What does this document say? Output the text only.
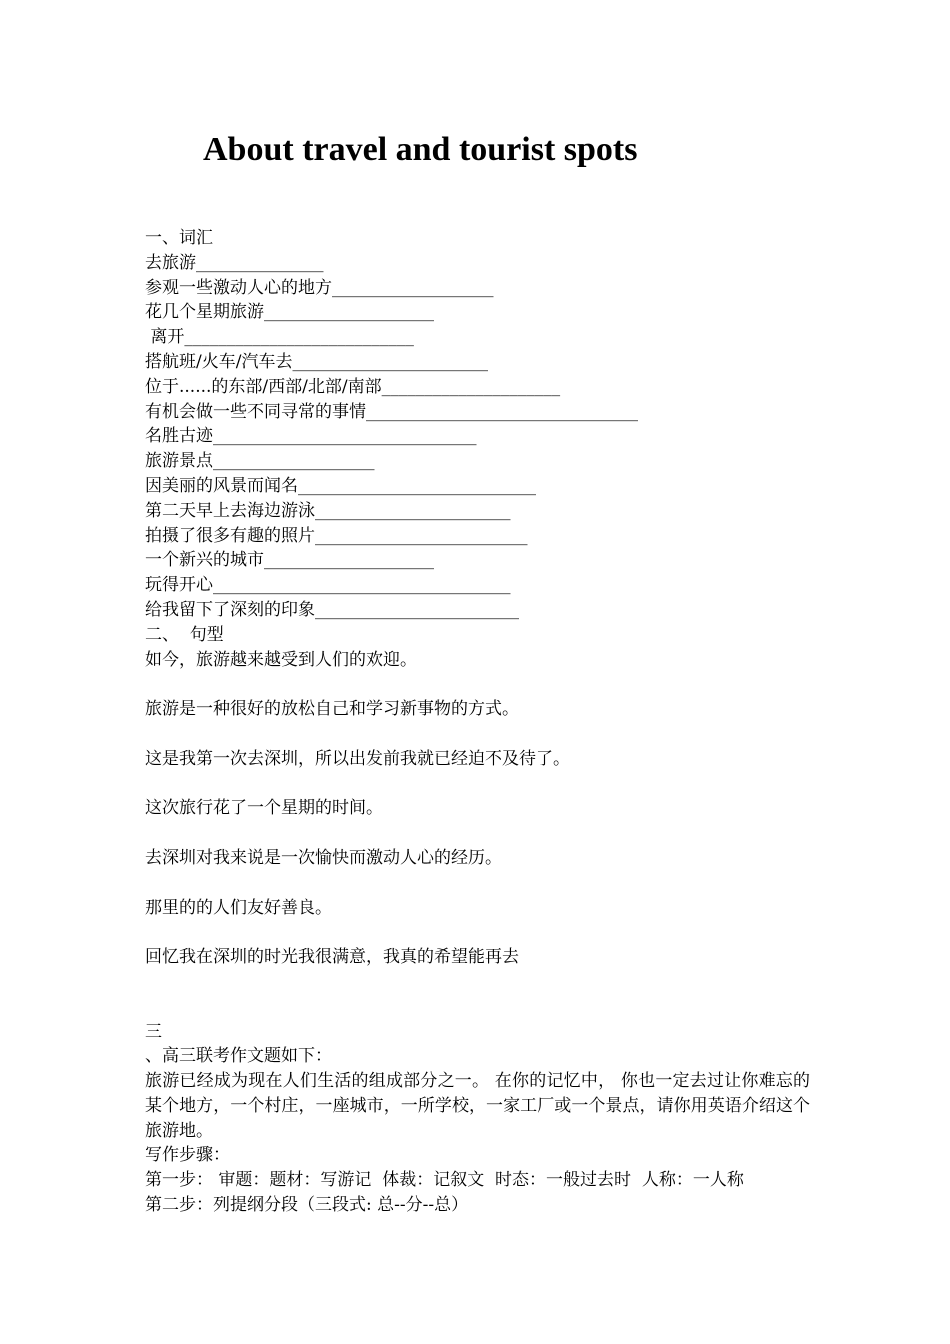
About travel and tourist spots
一、词汇
去旅游_______________
参观一些激动人心的地方___________________
花几个星期旅游____________________
离开___________________________
搭航班/火车/汽车去_______________________
位于......的东部/西部/北部/南部_____________________
有机会做一些不同寻常的事情________________________________
名胜古迹_______________________________
旅游景点___________________
因美丽的风景而闻名____________________________
第二天早上去海边游泳_______________________
拍摄了很多有趣的照片_________________________
一个新兴的城市____________________
玩得开心___________________________________
给我留下了深刻的印象________________________
二、  句型
如今，旅游越来越受到人们的欢迎。
旅游是一种很好的放松自己和学习新事物的方式。
这是我第一次去深圳，所以出发前我就已经迫不及待了。
这次旅行花了一个星期的时间。
去深圳对我来说是一次愉快而激动人心的经历。
那里的的人们友好善良。
回忆我在深圳的时光我很满意，我真的希望能再去
三
、高三联考作文题如下：
旅游已经成为现在人们生活的组成部分之一。 在你的记忆中， 你也一定去过让你难忘的某个地方，一个村庄，一座城市，一所学校，一家工厂或一个景点，请你用英语介绍这个旅游地。
写作步骤：
第一步： 审题：题材：写游记  体裁：记叙文  时态：一般过去时  人称：一人称
第二步：列提纲分段（三段式: 总--分--总）
